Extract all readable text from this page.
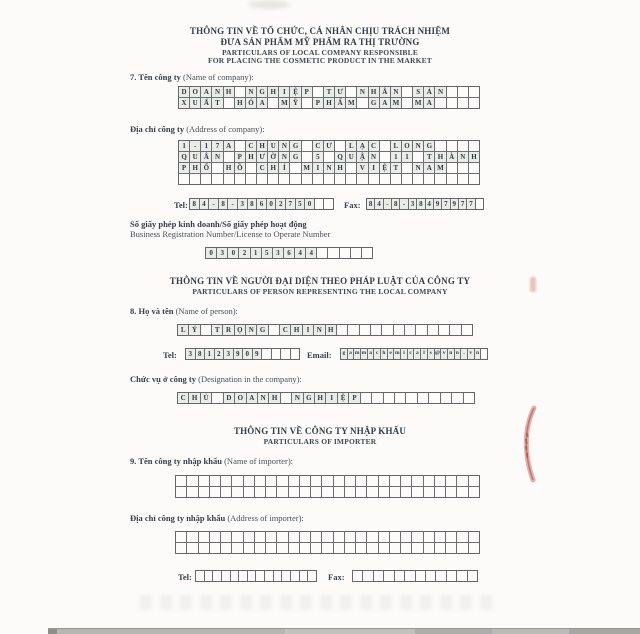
THÔNG TIN VỀ TỔ CHỨC, CÁ NHÂN CHỊU TRÁCH NHIỆM
ĐƯA SẢN PHẨM MỸ PHẨM RA THỊ TRƯỜNG
PARTICULARS OF LOCAL COMPANY RESPONSIBLE
FOR PLACING THE COSMETIC PRODUCT IN THE MARKET
7. Tên công ty (Name of company):
D O A N H	N G H	I	Ệ P	T Ư	N H Â N	S Ả N
X U Ấ T	H Ó A	M Ỹ	P H Ẩ M	G A M M A
Địa chỉ công ty (Address of company):
1	-	1	7 A	C H U N G	C Ư	L Ạ C	L O N G
Q U Â N	P H Ư Ờ N G	5	Q U Ậ N	1	1	T H À N H
P H Ố	H Ồ	C H	Í	M I	N H	V	I	Ệ T	N A M
Tel: 8 4 - 8 - 3 8 6 0 2 7 5 0	Fax: 8 4 - 8 - 3 8 4 9 7 9 7 7
Số giấy phép kinh doanh/Số giấy phép hoạt động
Business Registration Number/License to Operate Number
0	3	0	2	1	5	3	6	4	4
THÔNG TIN VỀ NGƯỜI ĐẠI DIỆN THEO PHÁP LUẬT CỦA CÔNG TY
PARTICULARS OF PERSON REPRESENTING THE LOCAL COMPANY
8. Họ và tên (Name of person):
L Ý	T R Ọ N G	C H	I	N H
Tel:	3 8 1 2 3 9 0 9	Email: g a m m a c h e m i c a l s @ v n n . v n
Chức vụ ở công ty (Designation in the company):
C H Ủ	D O A N H	N G H	I	Ệ P
THÔNG TIN VỀ CÔNG TY NHẬP KHẨU
PARTICULARS OF IMPORTER
9. Tên công ty nhập khẩu (Name of importer):
Địa chỉ công ty nhập khẩu (Address of importer):
Tel:	Fax:
